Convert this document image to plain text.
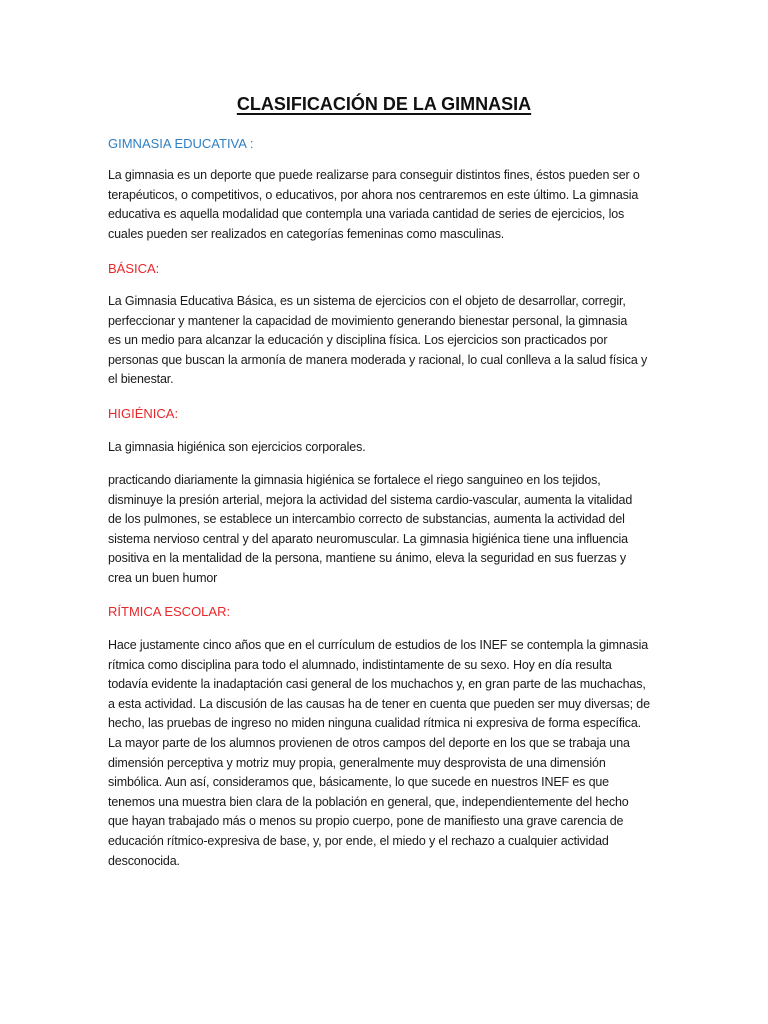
CLASIFICACIÓN DE LA GIMNASIA
GIMNASIA EDUCATIVA :
La gimnasia es un deporte que puede realizarse para conseguir distintos fines, éstos pueden ser o
terapéuticos, o competitivos, o educativos, por ahora nos centraremos en este último. La gimnasia
educativa es aquella modalidad que contempla una variada cantidad de series de ejercicios, los
cuales pueden ser realizados en categorías femeninas como masculinas.
BÁSICA:
La Gimnasia Educativa Básica, es un sistema de ejercicios con el objeto de desarrollar, corregir,
perfeccionar y mantener la capacidad de movimiento generando bienestar personal, la gimnasia
es un medio para alcanzar la educación y disciplina física. Los ejercicios son practicados por
personas que buscan la armonía de manera moderada y racional, lo cual conlleva a la salud física y
el bienestar.
HIGIÉNICA:
La gimnasia higiénica son ejercicios corporales.
practicando diariamente la gimnasia higiénica se fortalece el riego sanguineo en los tejidos,
disminuye la presión arterial, mejora la actividad del sistema cardio-vascular, aumenta la vitalidad
de los pulmones, se establece un intercambio correcto de substancias, aumenta la actividad del
sistema nervioso central y del aparato neuromuscular. La gimnasia higiénica tiene una influencia
positiva en la mentalidad de la persona, mantiene su ánimo, eleva la seguridad en sus fuerzas y
crea un buen humor
RÍTMICA ESCOLAR:
Hace justamente cinco años que en el currículum de estudios de los INEF se contempla la gimnasia
rítmica como disciplina para todo el alumnado, indistintamente de su sexo. Hoy en día resulta
todavía evidente la inadaptación casi general de los muchachos y, en gran parte de las muchachas,
a esta actividad. La discusión de las causas ha de tener en cuenta que pueden ser muy diversas; de
hecho, las pruebas de ingreso no miden ninguna cualidad rítmica ni expresiva de forma específica.
La mayor parte de los alumnos provienen de otros campos del deporte en los que se trabaja una
dimensión perceptiva y motriz muy propia, generalmente muy desprovista de una dimensión
simbólica. Aun así, consideramos que, básicamente, lo que sucede en nuestros INEF es que
tenemos una muestra bien clara de la población en general, que, independientemente del hecho
que hayan trabajado más o menos su propio cuerpo, pone de manifiesto una grave carencia de
educación rítmico-expresiva de base, y, por ende, el miedo y el rechazo a cualquier actividad
desconocida.
